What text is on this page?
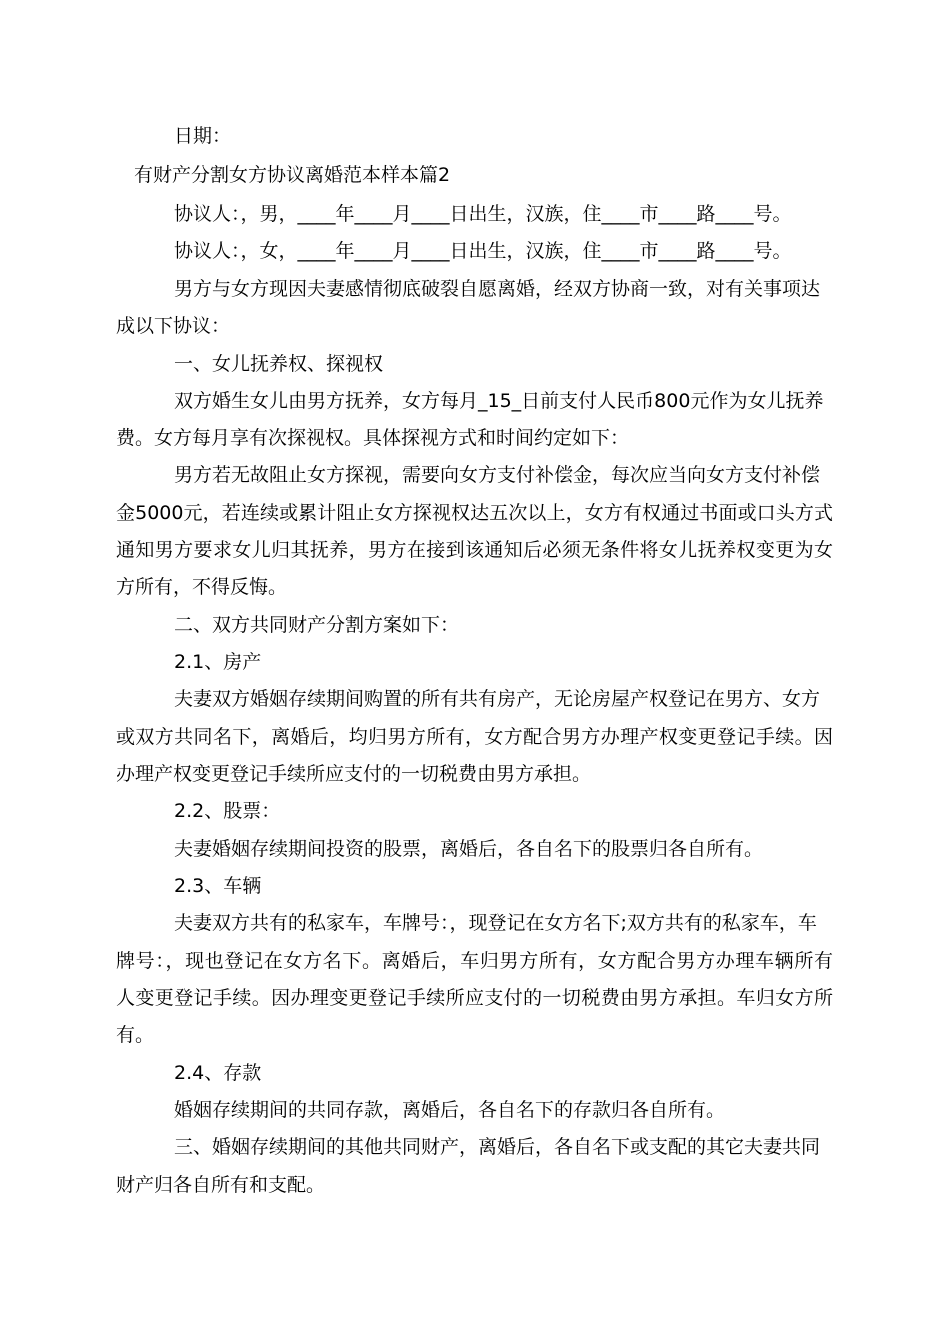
日期：
有财产分割女方协议离婚范本样本篇2
协议人：，男，____年____月____日出生，汉族，住____市____路____号。
协议人：，女，____年____月____日出生，汉族，住____市____路____号。
男方与女方现因夫妻感情彻底破裂自愿离婚，经双方协商一致，对有关事项达
成以下协议：
一、女儿抚养权、探视权
双方婚生女儿由男方抚养，女方每月_15_日前支付人民币800元作为女儿抚养
费。女方每月享有次探视权。具体探视方式和时间约定如下：
男方若无故阻止女方探视，需要向女方支付补偿金，每次应当向女方支付补偿
金5000元，若连续或累计阻止女方探视权达五次以上，女方有权通过书面或口头方式
通知男方要求女儿归其抚养，男方在接到该通知后必须无条件将女儿抚养权变更为女
方所有，不得反悔。
二、双方共同财产分割方案如下：
2.1、房产
夫妻双方婚姻存续期间购置的所有共有房产，无论房屋产权登记在男方、女方
或双方共同名下，离婚后，均归男方所有，女方配合男方办理产权变更登记手续。因
办理产权变更登记手续所应支付的一切税费由男方承担。
2.2、股票：
夫妻婚姻存续期间投资的股票，离婚后，各自名下的股票归各自所有。
2.3、车辆
夫妻双方共有的私家车，车牌号：，现登记在女方名下;双方共有的私家车，车
牌号：，现也登记在女方名下。离婚后，车归男方所有，女方配合男方办理车辆所有
人变更登记手续。因办理变更登记手续所应支付的一切税费由男方承担。车归女方所
有。
2.4、存款
婚姻存续期间的共同存款，离婚后，各自名下的存款归各自所有。
三、婚姻存续期间的其他共同财产，离婚后，各自名下或支配的其它夫妻共同
财产归各自所有和支配。
